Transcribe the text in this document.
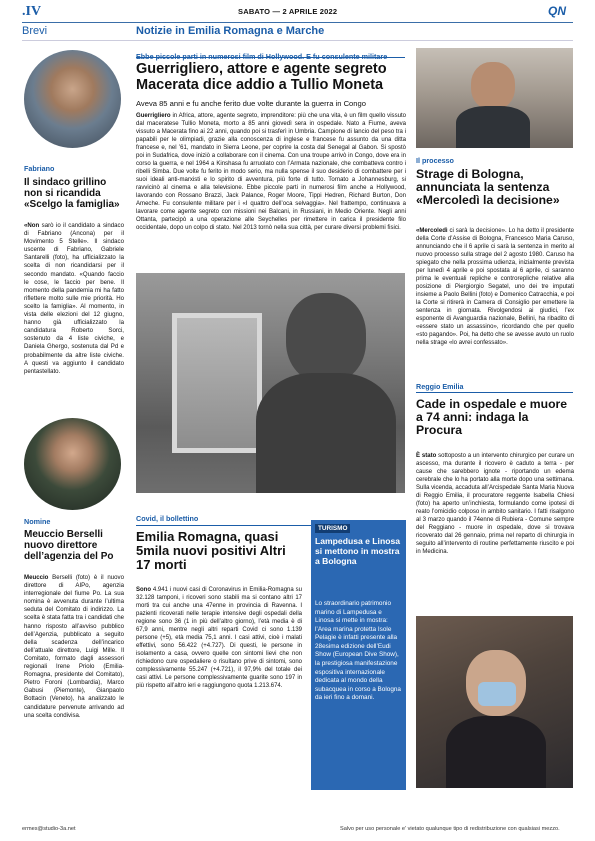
.IV	SABATO — 2 APRILE 2022	QN
Brevi	Notizie in Emilia Romagna e Marche
Fabriano
Il sindaco grillino non si ricandida «Scelgo la famiglia»
«Non sarò io il candidato a sindaco di Fabriano (Ancona) per il Movimento 5 Stelle». Il sindaco uscente di Fabriano, Gabriele Santarelli (foto), ha ufficializzato la scelta di non ricandidarsi per il secondo mandato. «Quando faccio le cose, le faccio per bene. Il momento della pandemia mi ha fatto riflettere molto sulle mie priorità. Ho scelto la famiglia». Al momento, in vista delle elezioni del 12 giugno, hanno già ufficializzato la candidatura Roberto Sorci, sostenuto da 4 liste civiche, e Daniela Ghergo, sostenuta dal Pd e probabilmente da altre liste civiche. A questi va aggiunto il candidato pentastellato.
Nomine
Meuccio Berselli nuovo direttore dell’agenzia del Po
Meuccio Berselli (foto) è il nuovo direttore di AIPo, agenzia interregionale del fiume Po. La sua nomina è avvenuta durante l’ultima seduta del Comitato di indirizzo. La scelta è stata fatta tra i candidati che hanno risposto all’avviso pubblico dell’Agenzia, pubblicato a seguito della scadenza dell’incarico dell’attuale direttore, Luigi Mille. Il Comitato, formato dagli assessori regionali Irene Priolo (Emilia-Romagna, presidente del Comitato), Pietro Foroni (Lombardia), Marco Gabusi (Piemonte), Gianpaolo Bottacin (Veneto), ha analizzato le candidature pervenute arrivando ad una scelta condivisa.
Guerrigliero, attore e agente segreto Macerata dice addio a Tullio Moneta
Aveva 85 anni e fu anche ferito due volte durante la guerra in Congo
Guerrigliero in Africa, attore, agente segreto, imprenditore: più che una vita, è un film quello vissuto dal maceratese Tullio Moneta, morto a 85 anni giovedì sera in ospedale. Nato a Fiume, aveva vissuto a Macerata fino ai 22 anni, quando poi si trasferì in Umbria. Campione di lancio del peso tra i papabili per le olimpiadi, grazie alla conoscenza di inglese e francese fu assunto da una ditta francese e, nel ’61, mandato in Sierra Leone, per coprire la costa dal Senegal al Gabon. Si spostò poi in Sudafrica, dove iniziò a collaborare con il cinema. Con una troupe arrivò in Congo, dove era in corso la guerra, e nel 1964 a Kinshasa fu arruolato con l’Armata nazionale, che combatteva contro i ribelli Simba. Due volte fu ferito in modo serio, ma nulla spense il suo desiderio di combattere per i suoi ideali anti-marxisti e lo spirito di avventura, più forte di tutto. Tornato a Johannesburg, si ravvicinò al cinema e alla televisione. Ebbe piccole parti in numerosi film anche a Hollywood, lavorando con Rossano Brazzi, Jack Palance, Roger Moore, Tippi Hedren, Richard Burton, Don Ameche. Fu consulente militare per i «I quattro dell’oca selvaggia». Nel frattempo, continuava a lavorare come agente segreto con missioni nei Balcani, in Russiani, in Medio Oriente. Negli anni Ottanta, partecipò a una operazione alle Seychelles per rimettere in carica il presidente filo occidentale, dopo un colpo di stato. Nel 2013 tornò nella sua città, per curare diversi problemi fisici.
Covid, il bollettino
Emilia Romagna, quasi 5mila nuovi positivi Altri 17 morti
Sono 4.941 i nuovi casi di Coronavirus in Emilia-Romagna su 32.128 tamponi, i ricoveri sono stabili ma si contano altri 17 morti tra cui anche una 47enne in provincia di Ravenna. I pazienti ricoverati nelle terapie intensive degli ospedali della regione sono 36 (1 in più dell’altro giorno), l’età media è di 67,9 anni, mentre negli altri reparti Covid ci sono 1.139 persone (+5), età media 75,1 anni. I casi attivi, cioè i malati effettivi, sono 56.422 (+4.727). Di questi, le persone in isolamento a casa, ovvero quelle con sintomi lievi che non richiedono cure ospedaliere o risultano prive di sintomi, sono complessivamente 55.247 (+4.721), il 97,9% del totale dei casi attivi. Le persone complessivamente guarite sono 197 in più rispetto all’altro ieri e raggiungono quota 1.213.674.
TURISMO
Lampedusa e Linosa si mettono in mostra a Bologna
Lo straordinario patrimonio marino di Lampedusa e Linosa si mette in mostra: l’Area marina protetta Isole Pelagie è infatti presente alla 28esima edizione dell’Eudi Show (European Dive Show), la prestigiosa manifestazione espositiva internazionale dedicata al mondo della subacquea in corso a Bologna da ieri fino a domani.
Il processo
Strage di Bologna, annunciata la sentenza «Mercoledì la decisione»
«Mercoledì ci sarà la decisione». Lo ha detto il presidente della Corte d’Assise di Bologna, Francesco Maria Caruso, annunciando che il 6 aprile ci sarà la sentenza in merito al nuovo processo sulla strage del 2 agosto 1980. Caruso ha spiegato che nella prossima udienza, inizialmente prevista per lunedì 4 aprile e poi spostata al 6 aprile, ci saranno prima le eventuali repliche e controrepliche relative alla posizione di Piergiorgio Segatel, uno dei tre imputati insieme a Paolo Bellini (foto) e Domenico Catracchia, e poi la Corte si ritirerà in Camera di Consiglio per emettere la sentenza in giornata. Rivolgendosi ai giudici, l’ex esponente di Avanguardia nazionale, Bellini, ha ribadito di «essere stato un assassino», ricordando che per quello «sto pagando». Poi, ha detto che se avesse avuto un ruolo nella strage «lo avrei confessato».
Reggio Emilia
Cade in ospedale e muore a 74 anni: indaga la Procura
È stato sottoposto a un intervento chirurgico per curare un ascesso, ma durante il ricovero è caduto a terra - per cause che sarebbero ignote - riportando un edema cerebrale che lo ha portato alla morte dopo una settimana. Sulla vicenda, accaduta all’Arcispedale Santa Maria Nuova di Reggio Emilia, il procuratore reggente Isabella Chiesi (foto) ha aperto un’inchiesta, formulando come ipotesi di reato l’omicidio colposo in ambito sanitario. I fatti risalgono al 3 marzo quando il 74enne di Rubiera - Comune sempre del Reggiano - muore in ospedale, dove si trovava ricoverato dal 26 gennaio, prima nel reparto di chirurgia in seguito all’intervento di routine perfettamente riuscito e poi in Medicina.
ermes@studio-3a.net	Salvo per uso personale e' vietato qualunque tipo di redistribuzione con qualsiasi mezzo.
